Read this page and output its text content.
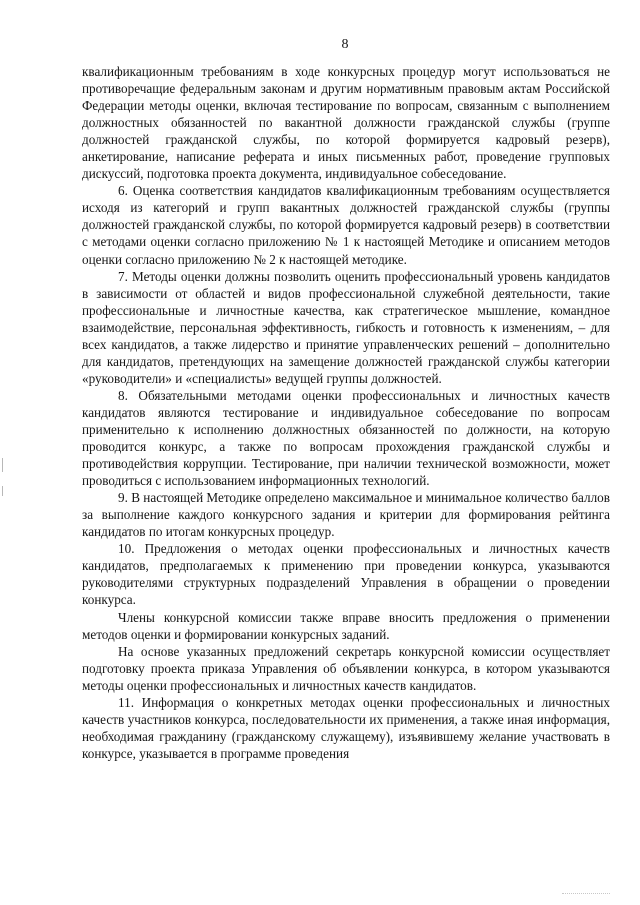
8

квалификационным требованиям в ходе конкурсных процедур могут использоваться не противоречащие федеральным законам и другим нормативным правовым актам Российской Федерации методы оценки, включая тестирование по вопросам, связанным с выполнением должностных обязанностей по вакантной должности гражданской службы (группе должностей гражданской службы, по которой формируется кадровый резерв), анкетирование, написание реферата и иных письменных работ, проведение групповых дискуссий, подготовка проекта документа, индивидуальное собеседование.

6. Оценка соответствия кандидатов квалификационным требованиям осуществляется исходя из категорий и групп вакантных должностей гражданской службы (группы должностей гражданской службы, по которой формируется кадровый резерв) в соответствии с методами оценки согласно приложению № 1 к настоящей Методике и описанием методов оценки согласно приложению № 2 к настоящей методике.

7. Методы оценки должны позволить оценить профессиональный уровень кандидатов в зависимости от областей и видов профессиональной служебной деятельности, такие профессиональные и личностные качества, как стратегическое мышление, командное взаимодействие, персональная эффективность, гибкость и готовность к изменениям, – для всех кандидатов, а также лидерство и принятие управленческих решений – дополнительно для кандидатов, претендующих на замещение должностей гражданской службы категории «руководители» и «специалисты» ведущей группы должностей.

8. Обязательными методами оценки профессиональных и личностных качеств кандидатов являются тестирование и индивидуальное собеседование по вопросам применительно к исполнению должностных обязанностей по должности, на которую проводится конкурс, а также по вопросам прохождения гражданской службы и противодействия коррупции. Тестирование, при наличии технической возможности, может проводиться с использованием информационных технологий.

9. В настоящей Методике определено максимальное и минимальное количество баллов за выполнение каждого конкурсного задания и критерии для формирования рейтинга кандидатов по итогам конкурсных процедур.

10. Предложения о методах оценки профессиональных и личностных качеств кандидатов, предполагаемых к применению при проведении конкурса, указываются руководителями структурных подразделений Управления в обращении о проведении конкурса.

Члены конкурсной комиссии также вправе вносить предложения о применении методов оценки и формировании конкурсных заданий.

На основе указанных предложений секретарь конкурсной комиссии осуществляет подготовку проекта приказа Управления об объявлении конкурса, в котором указываются методы оценки профессиональных и личностных качеств кандидатов.

11. Информация о конкретных методах оценки профессиональных и личностных качеств участников конкурса, последовательности их применения, а также иная информация, необходимая гражданину (гражданскому служащему), изъявившему желание участвовать в конкурсе, указывается в программе проведения
